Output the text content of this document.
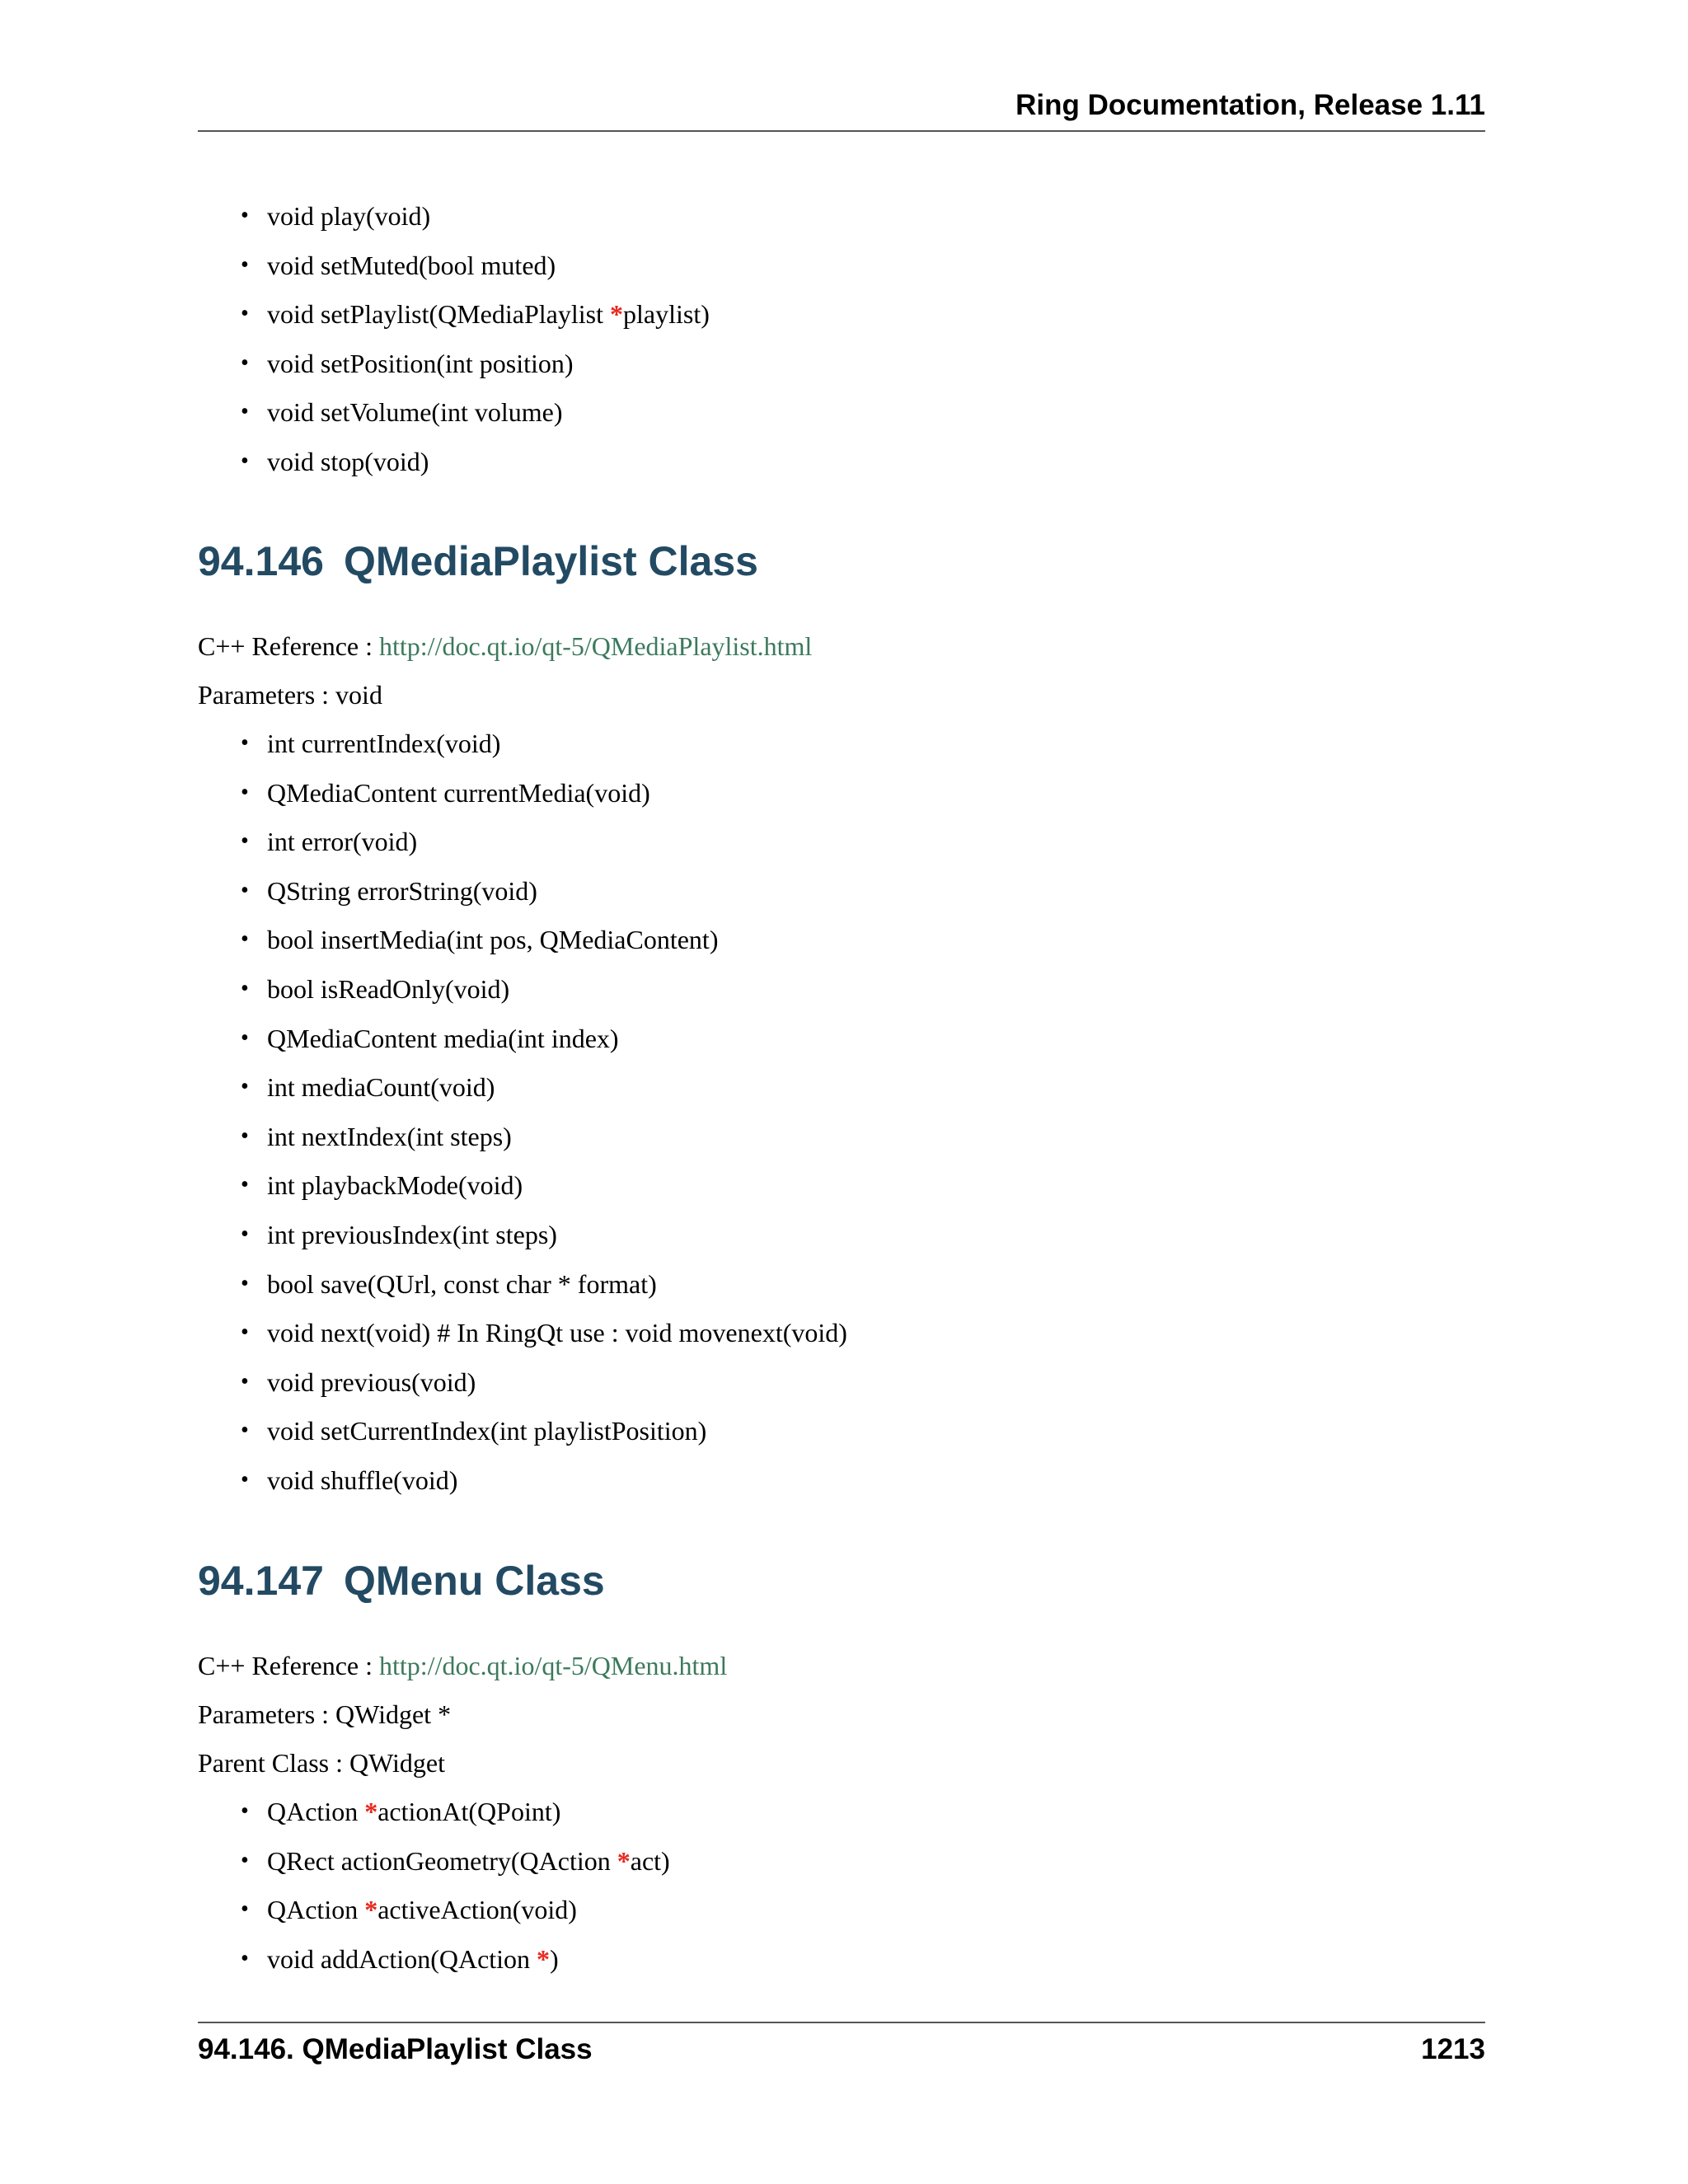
Ring Documentation, Release 1.11
• void play(void)
• void setMuted(bool muted)
• void setPlaylist(QMediaPlaylist *playlist)
• void setPosition(int position)
• void setVolume(int volume)
• void stop(void)
94.146 QMediaPlaylist Class
C++ Reference : http://doc.qt.io/qt-5/QMediaPlaylist.html
Parameters : void
• int currentIndex(void)
• QMediaContent currentMedia(void)
• int error(void)
• QString errorString(void)
• bool insertMedia(int pos, QMediaContent)
• bool isReadOnly(void)
• QMediaContent media(int index)
• int mediaCount(void)
• int nextIndex(int steps)
• int playbackMode(void)
• int previousIndex(int steps)
• bool save(QUrl, const char * format)
• void next(void) # In RingQt use : void movenext(void)
• void previous(void)
• void setCurrentIndex(int playlistPosition)
• void shuffle(void)
94.147 QMenu Class
C++ Reference : http://doc.qt.io/qt-5/QMenu.html
Parameters : QWidget *
Parent Class : QWidget
• QAction *actionAt(QPoint)
• QRect actionGeometry(QAction *act)
• QAction *activeAction(void)
• void addAction(QAction *)
94.146. QMediaPlaylist Class	1213
